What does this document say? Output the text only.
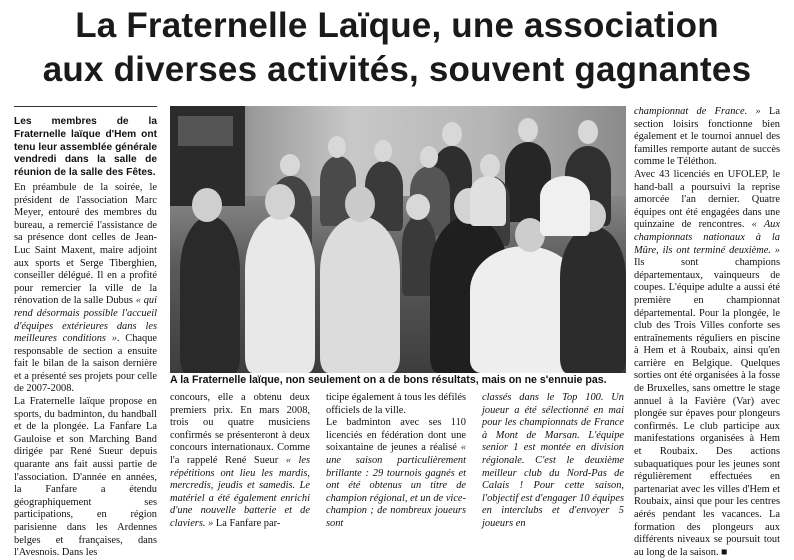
La Fraternelle Laïque, une association
aux diverses activités, souvent gagnantes

Les membres de la Fraternelle laïque d'Hem ont tenu leur assemblée générale vendredi dans la salle de réunion de la salle des Fêtes.

En préambule de la soirée, le président de l'association Marc Meyer, entouré des membres du bureau, a remercié l'assistance de sa présence dont celles de Jean-Luc Saint Maxent, maire adjoint aux sports et Serge Tiberghien, conseiller délégué. Il en a profité pour remercier la ville de la rénovation de la salle Dubus « qui rend désormais possible l'accueil d'équipes extérieures dans les meilleures conditions ». Chaque responsable de section a ensuite fait le bilan de la saison dernière et a présenté ses projets pour celle de 2007-2008.

La Fraternelle laïque propose en sports, du badminton, du handball et de la plongée. La Fanfare La Gauloise et son Marching Band dirigée par René Sueur depuis quarante ans fait aussi partie de l'association. D'année en années, la Fanfare a étendu géographiquement ses participations, en région parisienne dans les Ardennes belges et françaises, dans l'Avesnois. Dans les

A la Fraternelle laïque, non seulement on a de bons résultats, mais on ne s'ennuie pas.

concours, elle a obtenu deux premiers prix. En mars 2008, trois ou quatre musiciens confirmés se présenteront à deux concours internationaux. Comme l'a rappelé René Sueur « les répétitions ont lieu les mardis, mercredis, jeudis et samedis. Le matériel a été également enrichi d'une nouvelle batterie et de claviers. » La Fanfare par-

ticipe également à tous les défilés officiels de la ville.

Le badminton avec ses 110 licenciés en fédération dont une soixantaine de jeunes a réalisé « une saison particulièrement brillante : 29 tournois gagnés et ont été obtenus un titre de champion régional, et un de vice-champion ; de nombreux joueurs sont

classés dans le Top 100. Un joueur a été sélectionné en mai pour les championnats de France à Mont de Marsan. L'équipe senior 1 est montée en division régionale. C'est le deuxième meilleur club du Nord-Pas de Calais ! Pour cette saison, l'objectif est d'engager 10 équipes en interclubs et d'envoyer 5 joueurs en

championnat de France. » La section loisirs fonctionne bien également et le tournoi annuel des familles remporte autant de succès comme le Téléthon.

Avec 43 licenciés en UFOLEP, le hand-ball a poursuivi la reprise amorcée l'an dernier. Quatre équipes ont été engagées dans une quinzaine de rencontres. « Aux championnats nationaux à la Mûre, ils ont terminé deuxième. » Ils sont champions départementaux, vainqueurs de coupes. L'équipe adulte a aussi été première en championnat départemental. Pour la plongée, le club des Trois Villes conforte ses entraînements réguliers en piscine à Hem et à Roubaix, ainsi qu'en carrière en Belgique. Quelques sorties ont été organisées à la fosse de Bruxelles, sans omettre le stage annuel à la Favière (Var) avec plongée sur épaves pour plongeurs confirmés. Le club participe aux manifestations organisées à Hem et Roubaix. Des actions subaquatiques pour les jeunes sont régulièrement effectuées en partenariat avec les villes d'Hem et Roubaix, ainsi que pour les centres aérés pendant les vacances. La formation des plongeurs aux différents niveaux se poursuit tout au long de la saison. ■
